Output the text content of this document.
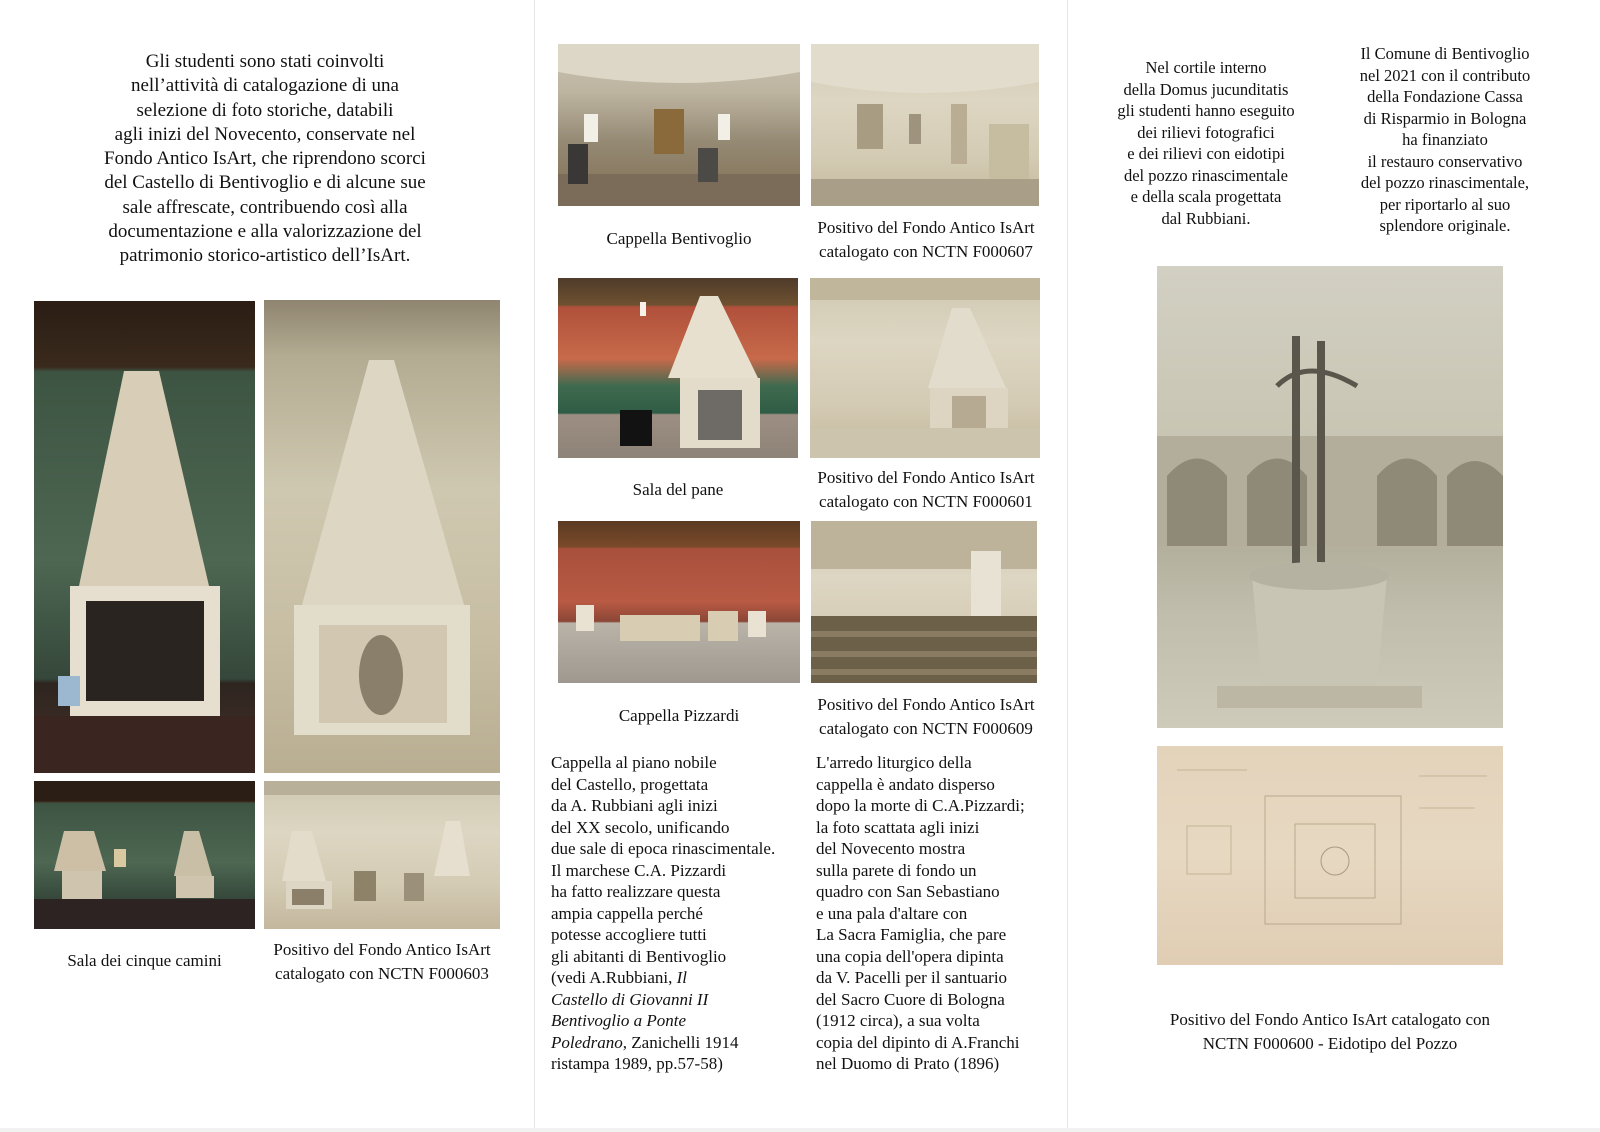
Gli studenti sono stati coinvolti
nell’attività di catalogazione di una
selezione di foto storiche, databili
agli inizi del Novecento, conservate nel
Fondo Antico IsArt, che riprendono scorci
del Castello di Bentivoglio e di alcune sue
sale affrescate, contribuendo così alla
documentazione e alla valorizzazione del
patrimonio storico-artistico dell’IsArt.
Sala dei cinque camini
Positivo del Fondo Antico IsArt
catalogato con NCTN F000603
Cappella Bentivoglio
Positivo del Fondo Antico IsArt
catalogato con NCTN F000607
Sala del pane
Positivo del Fondo Antico IsArt
catalogato con NCTN F000601
Cappella Pizzardi
Positivo del Fondo Antico IsArt
catalogato con NCTN F000609
Cappella al piano nobile
del Castello, progettata
da A. Rubbiani agli inizi
del XX secolo, unificando
due sale di epoca rinascimentale.
Il marchese C.A. Pizzardi
ha fatto realizzare questa
ampia cappella perché
potesse accogliere tutti
gli abitanti di Bentivoglio
(vedi A.Rubbiani, Il
Castello di Giovanni II
Bentivoglio a Ponte
Poledrano, Zanichelli 1914
ristampa 1989, pp.57-58)
L'arredo liturgico della
cappella è andato disperso
dopo la morte di C.A.Pizzardi;
la foto scattata agli inizi
del Novecento mostra
sulla parete di fondo un
quadro con San Sebastiano
e una pala d'altare con
La Sacra Famiglia, che pare
una copia dell'opera dipinta
da V. Pacelli per il santuario
del Sacro Cuore di Bologna
(1912 circa), a sua volta
copia del dipinto di A.Franchi
nel Duomo di Prato (1896)
Nel cortile interno
della Domus jucunditatis
gli studenti hanno eseguito
dei rilievi fotografici
e dei rilievi con eidotipi
del pozzo rinascimentale
e della scala progettata
dal Rubbiani.
Il Comune di Bentivoglio
nel 2021 con il contributo
della Fondazione Cassa
di Risparmio in Bologna
ha finanziato
il restauro conservativo
del pozzo rinascimentale,
per riportarlo al suo
splendore originale.
Positivo del Fondo Antico IsArt catalogato con
NCTN F000600 - Eidotipo del Pozzo
